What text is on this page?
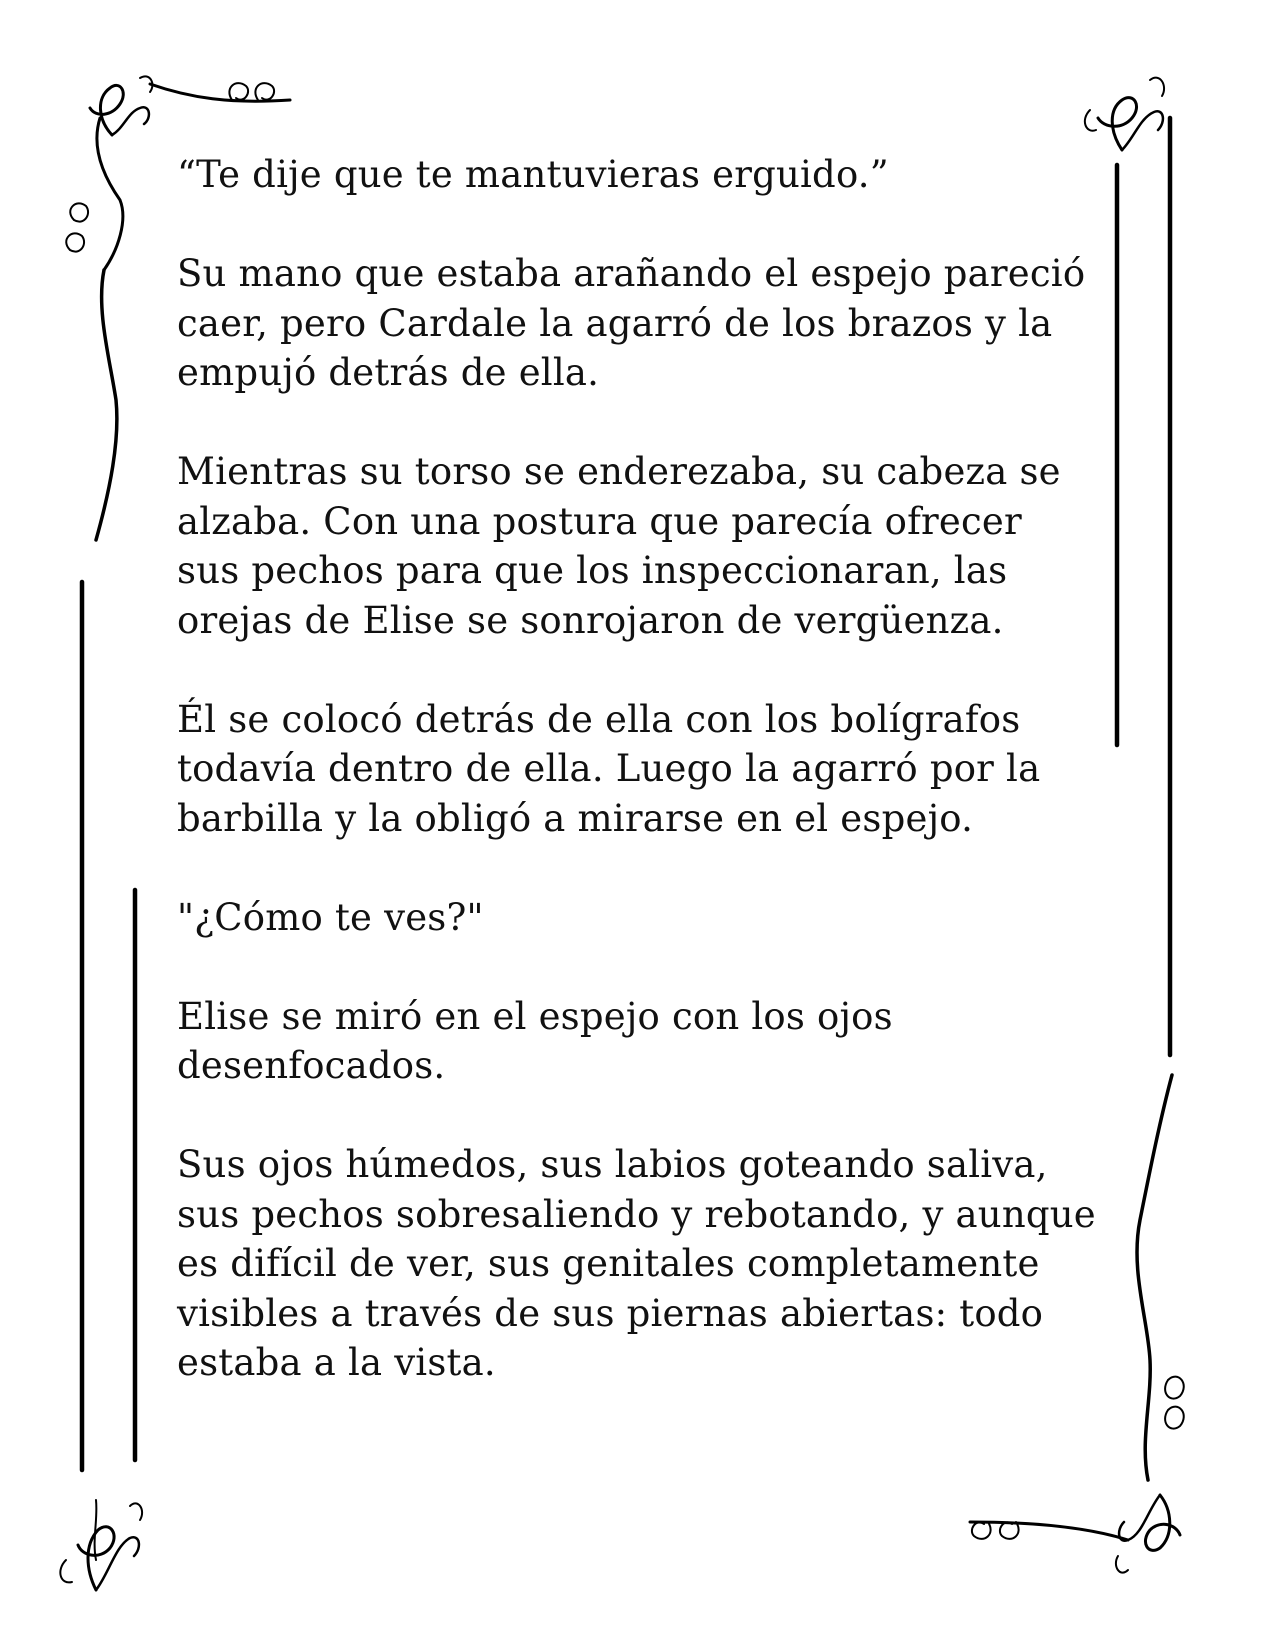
“Te dije que te mantuvieras erguido.”

Su mano que estaba arañando el espejo pareció
caer, pero Cardale la agarró de los brazos y la
empujó detrás de ella.

Mientras su torso se enderezaba, su cabeza se
alzaba. Con una postura que parecía ofrecer
sus pechos para que los inspeccionaran, las
orejas de Elise se sonrojaron de vergüenza.

Él se colocó detrás de ella con los bolígrafos
todavía dentro de ella. Luego la agarró por la
barbilla y la obligó a mirarse en el espejo.

"¿Cómo te ves?"

Elise se miró en el espejo con los ojos
desenfocados.

Sus ojos húmedos, sus labios goteando saliva,
sus pechos sobresaliendo y rebotando, y aunque
es difícil de ver, sus genitales completamente
visibles a través de sus piernas abiertas: todo
estaba a la vista.
